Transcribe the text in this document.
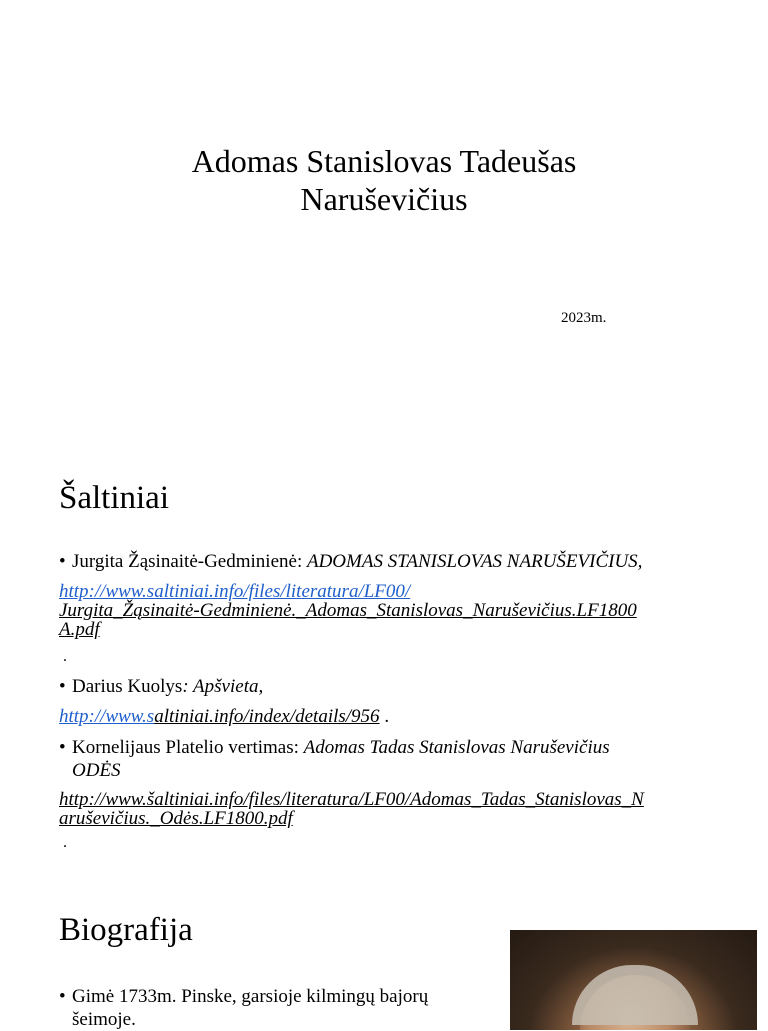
Adomas Stanislovas Tadeušas
Naruševičius
2023m.
Šaltiniai
• Jurgita Žąsinaitė-Gedminienė: ADOMAS STANISLOVAS NARUŠEVIČIUS,
http://www.saltiniai.info/files/literatura/LF00/
Jurgita_Žąsinaitė-Gedminienė._Adomas_Stanislovas_Naruševičius.LF1800
A.pdf
.
• Darius Kuolys: Apšvieta,
http://www.saltiniai.info/index/details/956 .
• Kornelijaus Platelio vertimas: Adomas Tadas Stanislovas Naruševičius
ODĖS
http://www.šaltiniai.info/files/literatura/LF00/Adomas_Tadas_Stanislovas_N
aruševičius._Odės.LF1800.pdf
.
Biografija
• Gimė 1733m. Pinske, garsioje kilmingų bajorų
šeimoje.
